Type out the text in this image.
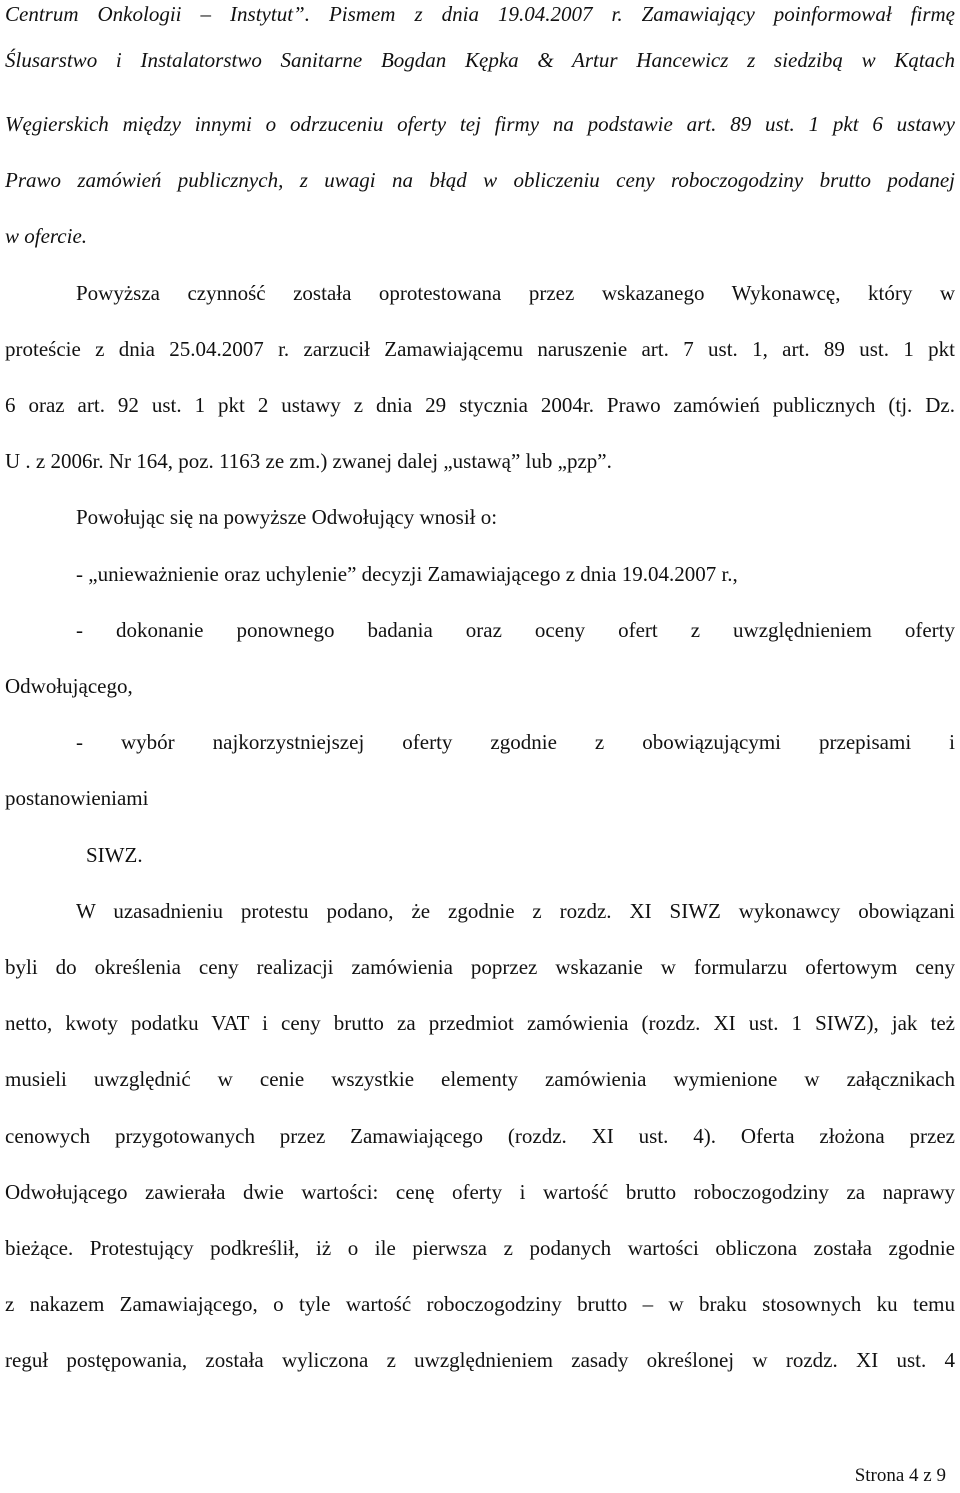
Centrum Onkologii – Instytut”. Pismem z dnia 19.04.2007 r. Zamawiający poinformował firmę
Ślusarstwo i Instalatorstwo Sanitarne Bogdan Kępka & Artur Hancewicz z siedzibą w Kątach
Węgierskich między innymi o odrzuceniu oferty tej firmy na podstawie art. 89 ust. 1 pkt 6 ustawy
Prawo zamówień publicznych, z uwagi na błąd w obliczeniu ceny roboczogodziny brutto podanej
w ofercie.
Powyższa czynność została oprotestowana przez wskazanego Wykonawcę, który w
proteście z dnia 25.04.2007 r. zarzucił Zamawiającemu naruszenie art. 7 ust. 1, art. 89 ust. 1 pkt
6 oraz art. 92 ust. 1 pkt 2 ustawy z dnia 29 stycznia 2004r. Prawo zamówień publicznych (tj. Dz.
U . z 2006r. Nr 164, poz. 1163 ze zm.) zwanej dalej „ustawą” lub „pzp”.
Powołując się na powyższe Odwołujący wnosił o:
- „unieważnienie oraz uchylenie” decyzji Zamawiającego z dnia 19.04.2007 r.,
- dokonanie ponownego badania oraz oceny ofert z uwzględnieniem oferty
Odwołującego,
- wybór najkorzystniejszej oferty zgodnie z obowiązującymi przepisami i
postanowieniami
SIWZ.
W uzasadnieniu protestu podano, że zgodnie z rozdz. XI SIWZ wykonawcy obowiązani
byli do określenia ceny realizacji zamówienia poprzez wskazanie w formularzu ofertowym ceny
netto, kwoty podatku VAT i ceny brutto za przedmiot zamówienia (rozdz. XI ust. 1 SIWZ), jak też
musieli uwzględnić w cenie wszystkie elementy zamówienia wymienione w załącznikach
cenowych przygotowanych przez Zamawiającego (rozdz. XI ust. 4). Oferta złożona przez
Odwołującego zawierała dwie wartości: cenę oferty i wartość brutto roboczogodziny za naprawy
bieżące. Protestujący podkreślił, iż o ile pierwsza z podanych wartości obliczona została zgodnie
z nakazem Zamawiającego, o tyle wartość roboczogodziny brutto – w braku stosownych ku temu
reguł postępowania, została wyliczona z uwzględnieniem zasady określonej w rozdz. XI ust. 4
Strona 4 z 9
